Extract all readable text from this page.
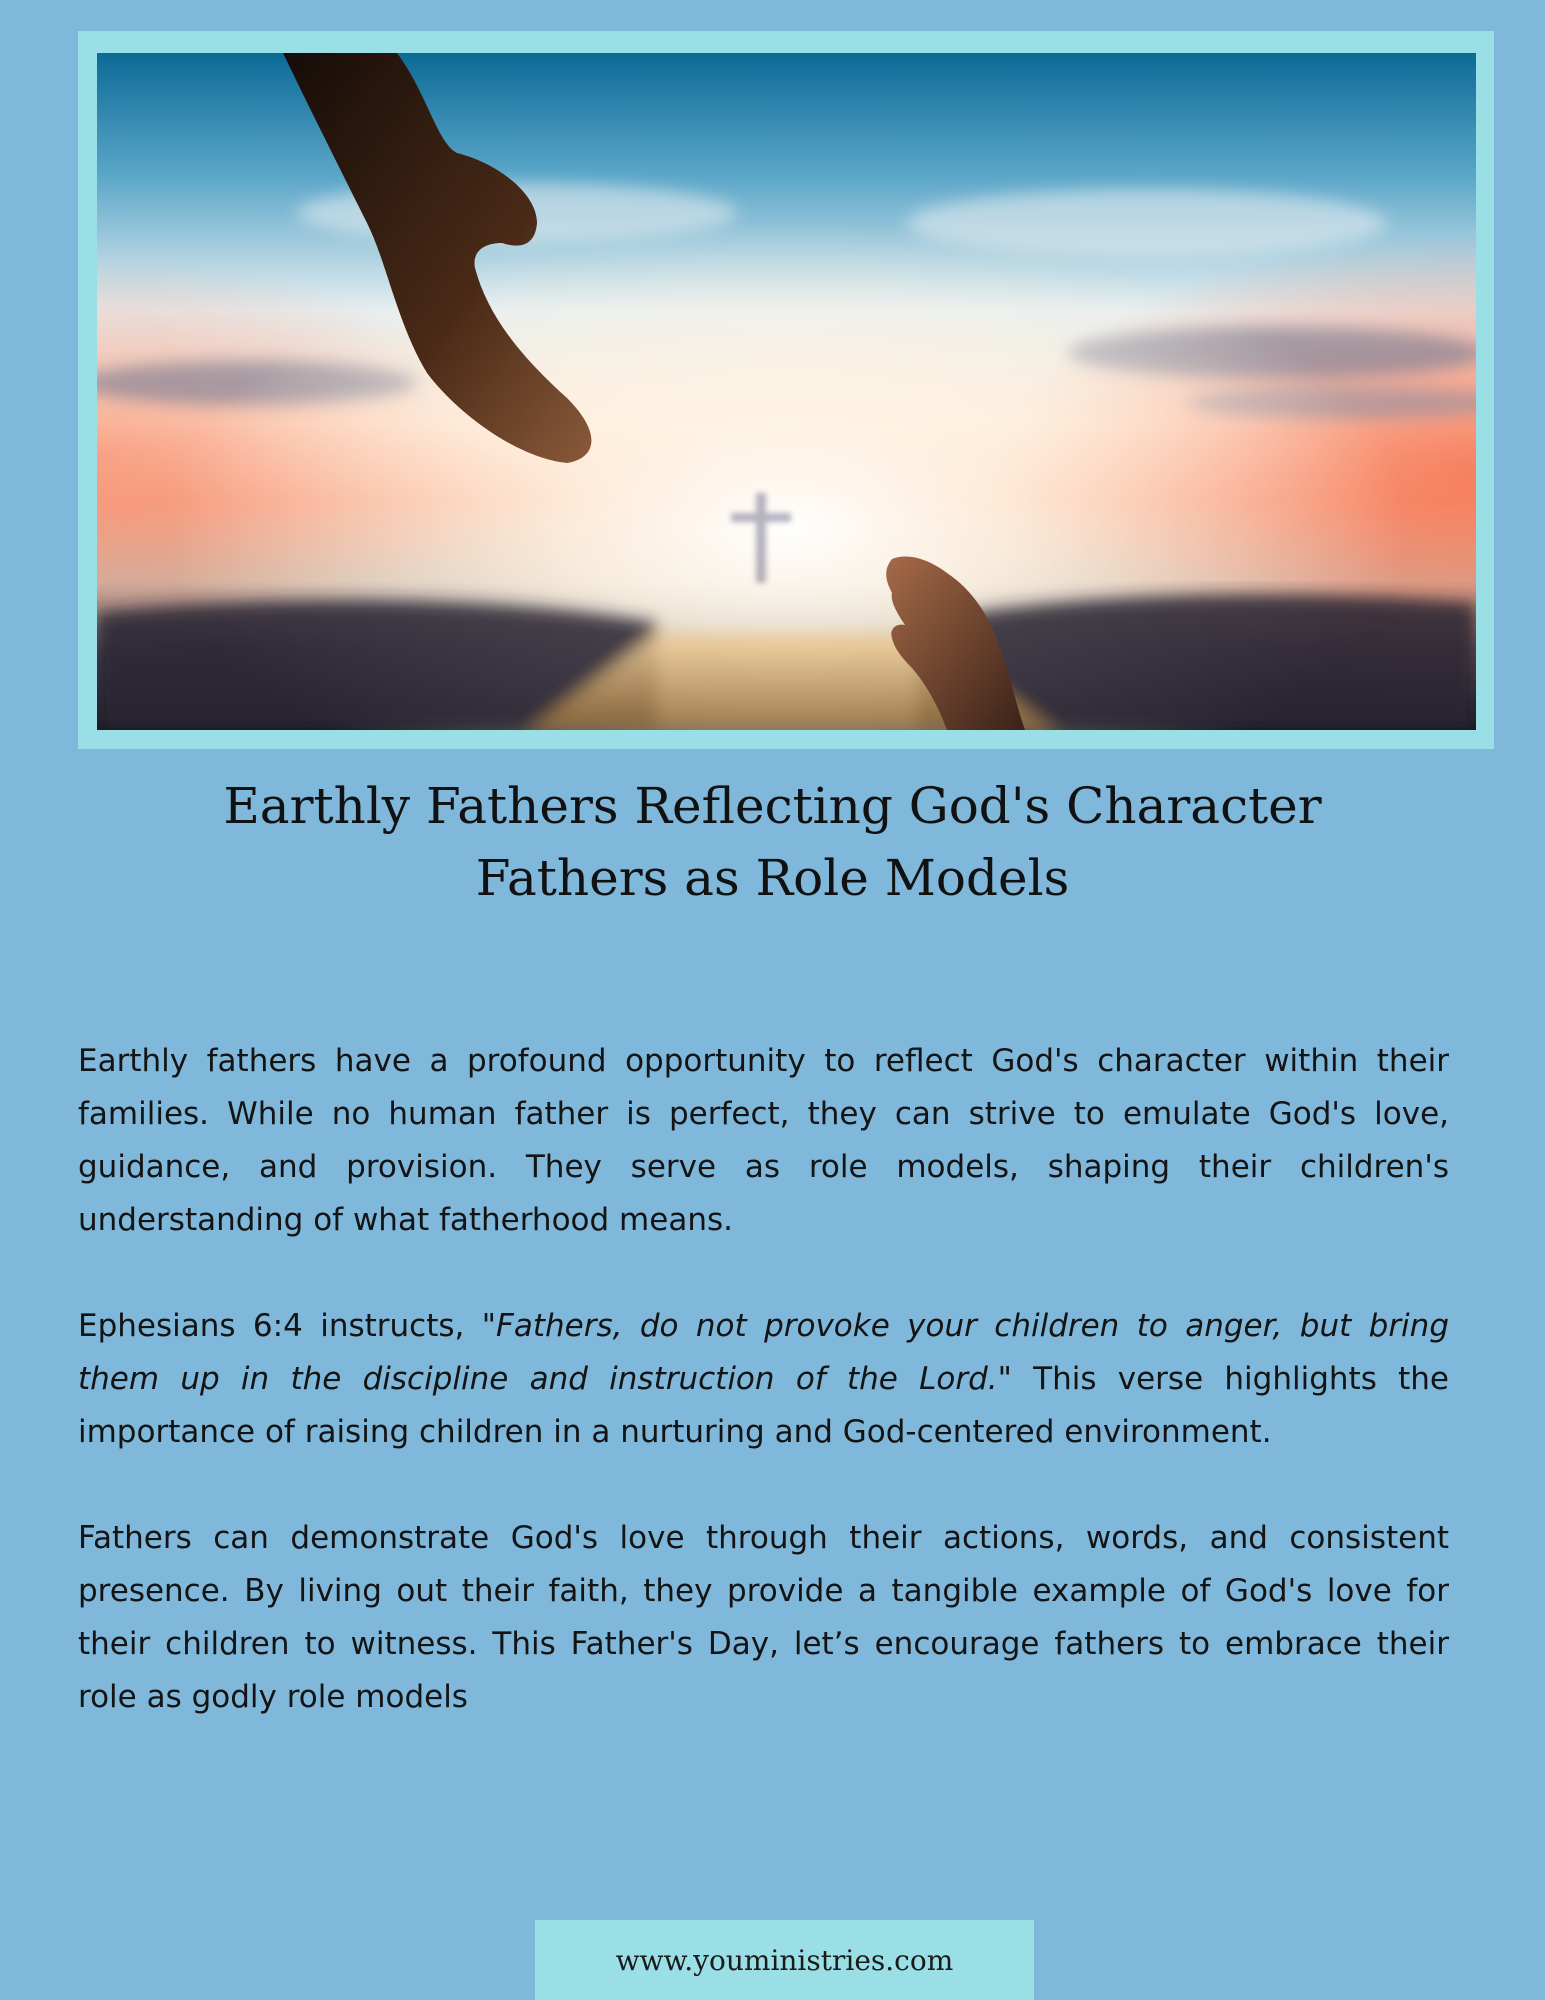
Earthly Fathers Reflecting God's Character
Fathers as Role Models

Earthly fathers have a profound opportunity to reflect God's character within their families. While no human father is perfect, they can strive to emulate God's love, guidance, and provision. They serve as role models, shaping their children's understanding of what fatherhood means.

Ephesians 6:4 instructs, "Fathers, do not provoke your children to anger, but bring them up in the discipline and instruction of the Lord." This verse highlights the importance of raising children in a nurturing and God-centered environment.

Fathers can demonstrate God's love through their actions, words, and consistent presence. By living out their faith, they provide a tangible example of God's love for their children to witness. This Father's Day, let’s encourage fathers to embrace their role as godly role models

www.youministries.com
